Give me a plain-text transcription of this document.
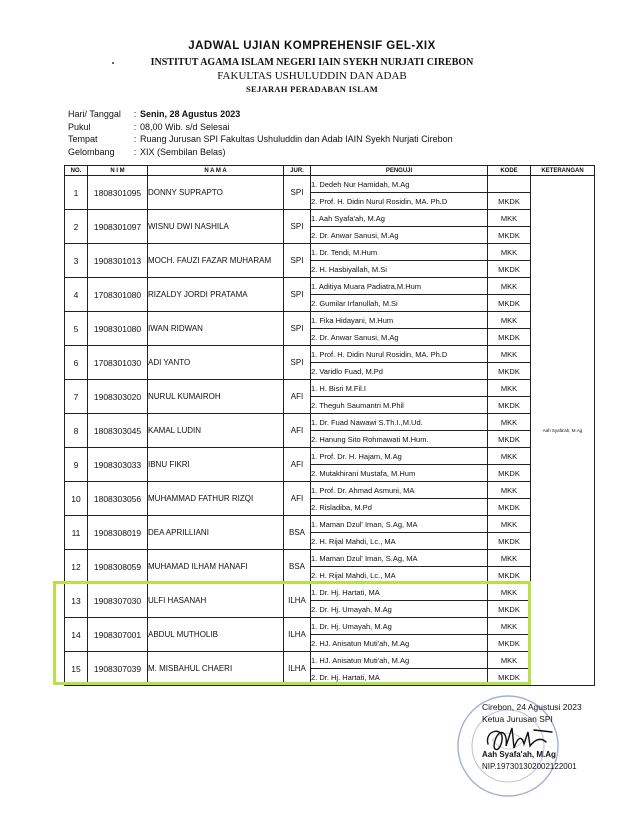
JADWAL UJIAN KOMPREHENSIF GEL-XIX
INSTITUT AGAMA ISLAM NEGERI IAIN SYEKH NURJATI CIREBON
FAKULTAS USHULUDDIN DAN ADAB
SEJARAH PERADABAN ISLAM
Hari/ Tanggal	: Senin, 28 Agustus 2023
Pukul	: 08,00 Wib. s/d Selesai
Tempat	: Ruang Jurusan SPI Fakultas Ushuluddin dan Adab IAIN Syekh Nurjati Cirebon
Gelombang	: XIX (Sembilan Belas)
NO.	N I M	N A M A	JUR.	PENGUJI	KODE	KETERANGAN
1	1808301095	DONNY SUPRAPTO	SPI	1. Dedeh Nur Hamidah, M.Ag		Aah Syafa'ah, M.Ag
				2. Prof. H. Didin Nurul Rosidin, MA. Ph.D	MKDK	
2	1908301097	WISNU DWI NASHILA	SPI	1. Aah Syafa'ah, M.Ag	MKK	
				2. Dr. Anwar Sanusi, M.Ag	MKDK	
3	1908301013	MOCH. FAUZI FAZAR MUHARAM	SPI	1. Dr. Tendi, M.Hum	MKK	
				2. H. Hasbiyallah, M.Si	MKDK	
4	1708301080	RIZALDY JORDI PRATAMA	SPI	1. Aditiya Muara Padiatra,M.Hum	MKK	
				2. Gumilar Irfanullah, M.Si	MKDK	
5	1908301080	IWAN RIDWAN	SPI	1. Fika Hidayani, M.Hum	MKK	
				2. Dr. Anwar Sanusi, M.Ag	MKDK	
6	1708301030	ADI YANTO	SPI	1. Prof. H. Didin Nurul Rosidin, MA. Ph.D	MKK	
				2. Varidlo Fuad, M.Pd	MKDK	
7	1908303020	NURUL KUMAIROH	AFI	1. H. Bisri M.Fil.I	MKK	
				2. Theguh Saumantri M.Phil	MKDK	
8	1808303045	KAMAL LUDIN	AFI	1. Dr. Fuad Nawawi S.Th.I.,M.Ud.	MKK	
				2. Hanung Sito Rohmawati M.Hum.	MKDK	
9	1908303033	IBNU FIKRI	AFI	1. Prof. Dr. H. Hajam, M.Ag	MKK	
				2. Mutakhirani Mustafa, M.Hum	MKDK	
10	1808303056	MUHAMMAD FATHUR RIZQI	AFI	1. Prof. Dr. Ahmad Asmuni, MA	MKK	
				2. Risladiba, M.Pd	MKDK	
11	1908308019	DEA APRILLIANI	BSA	1. Maman Dzul' Iman, S.Ag, MA	MKK	
				2. H. Rijal Mahdi, Lc., MA	MKDK	
12	1908308059	MUHAMAD ILHAM HANAFI	BSA	1. Maman Dzul' Iman, S.Ag, MA	MKK	
				2. H. Rijal Mahdi, Lc., MA	MKDK	
13	1908307030	ULFI HASANAH	ILHA	1. Dr. Hj. Hartati, MA	MKK	
				2. Dr. Hj. Umayah, M.Ag	MKDK	
14	1908307001	ABDUL MUTHOLIB	ILHA	1. Dr. Hj. Umayah, M.Ag	MKK	
				2. HJ. Anisatun Muti'ah, M.Ag	MKDK	
15	1908307039	M. MISBAHUL CHAERI	ILHA	1. HJ. Anisatun Muti'ah, M.Ag	MKK	
				2. Dr. Hj. Hartati, MA	MKDK	
Cirebon, 24 Agustusi 2023
Ketua Jurusan SPI
Aah Syafa'ah, M.Ag
NIP.197301302002122001
